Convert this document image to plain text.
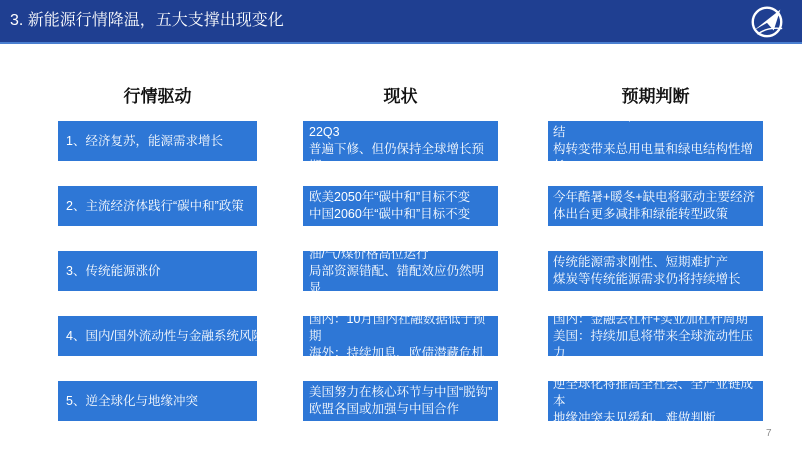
3. 新能源行情降温，五大支撑出现变化
行情驱动	现状	预期判断
1、经济复苏，能源需求增长
IMF对全球主要经济体预测较22Q3
普遍下修、但仍保持全球增长预期
全球经济低迷，人口、新技术、能源结
构转变带来总用电量和绿电结构性增长
2、主流经济体践行“碳中和”政策
欧美2050年“碳中和”目标不变
中国2060年“碳中和”目标不变
今年酷暑+暖冬+缺电将驱动主要经济
体出台更多减排和绿能转型政策
3、传统能源涨价
油/气/煤价格高位运行
局部资源错配、错配效应仍然明显
传统能源需求刚性、短期难扩产
煤炭等传统能源需求仍将持续增长
4、国内/国外流动性与金融系统风险
国内：10月国内社融数据低于预期
海外：持续加息、欧债潜藏危机
国内：金融去杠杆+实业加杠杆周期
美国：持续加息将带来全球流动性压力
5、逆全球化与地缘冲突
美国努力在核心环节与中国“脱钩”
欧盟各国或加强与中国合作
逆全球化将推高全社会、全产业链成本
地缘冲突未见缓和、难做判断
7
